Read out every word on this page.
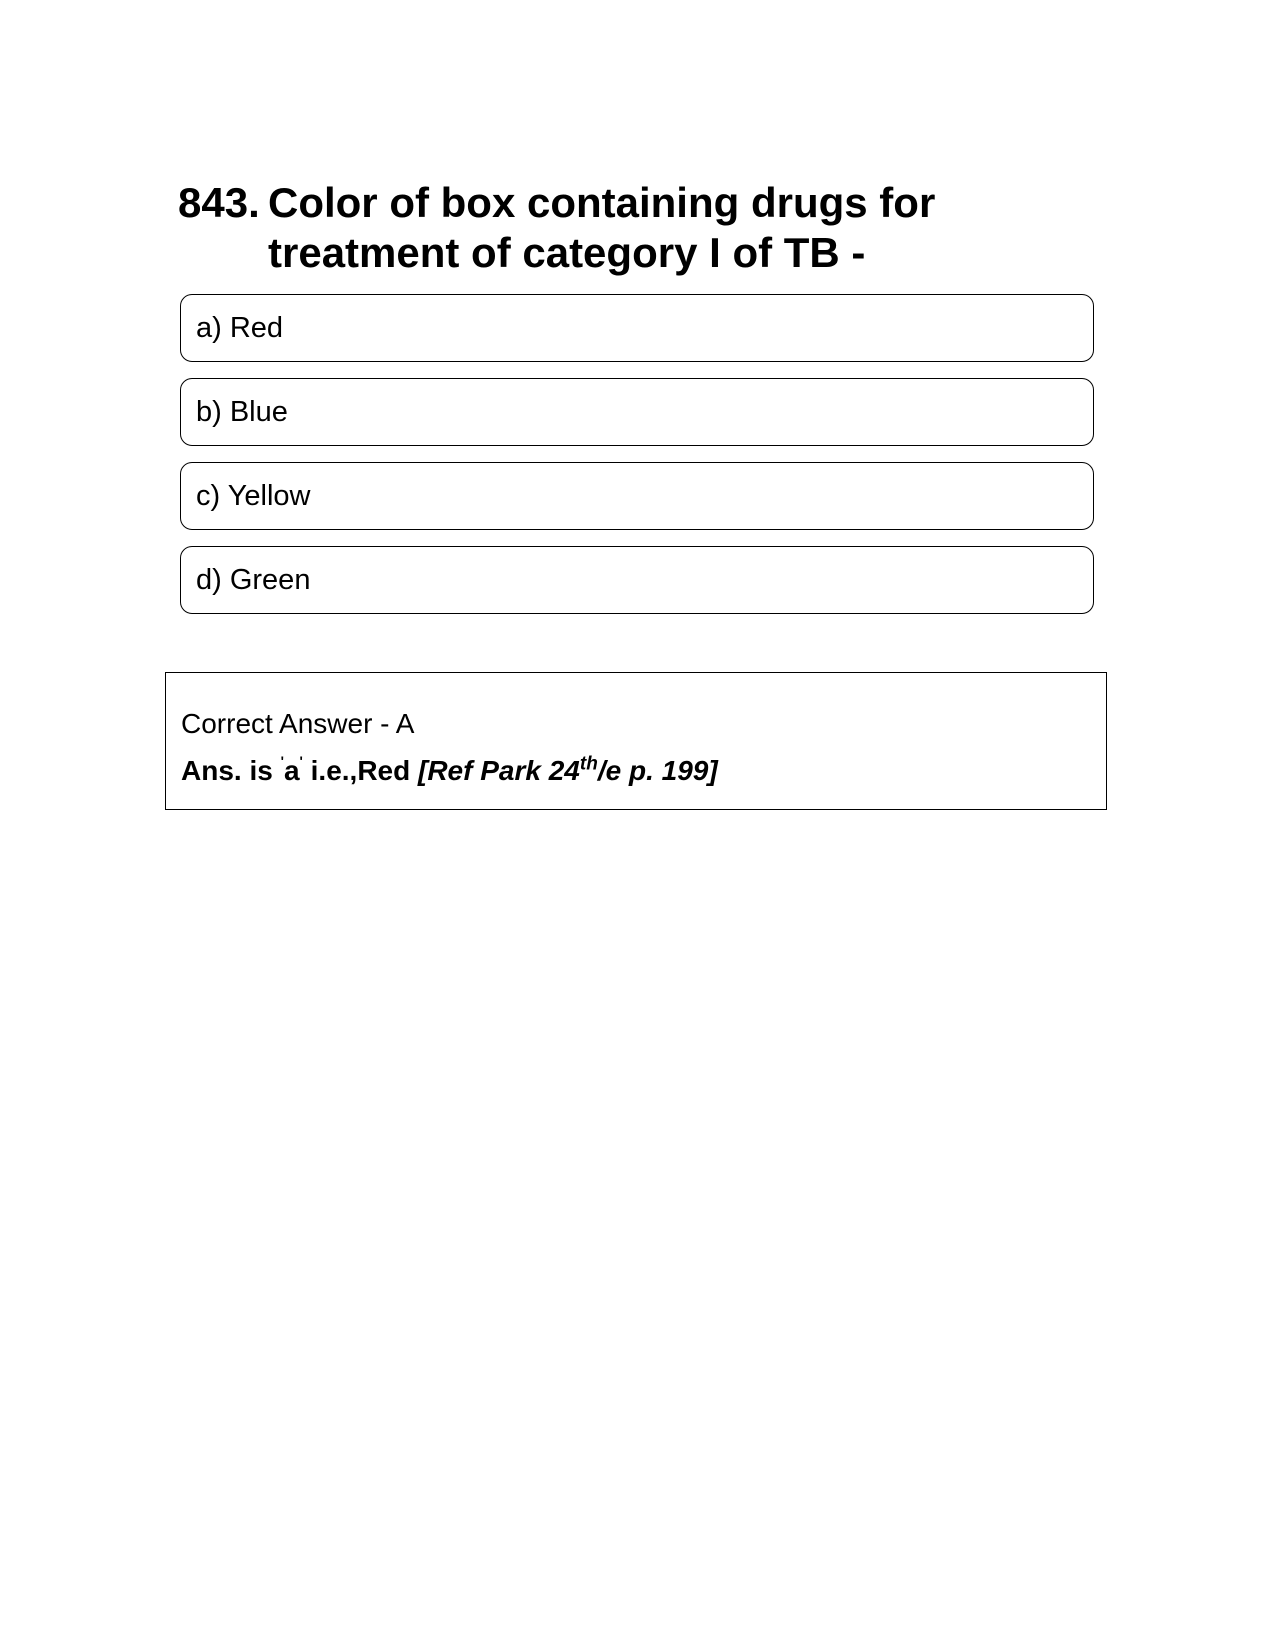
843. Color of box containing drugs for treatment of category I of TB -
a) Red
b) Blue
c) Yellow
d) Green
Correct Answer - A
Ans. is 'a' i.e.,Red [Ref Park 24th/e p. 199]
